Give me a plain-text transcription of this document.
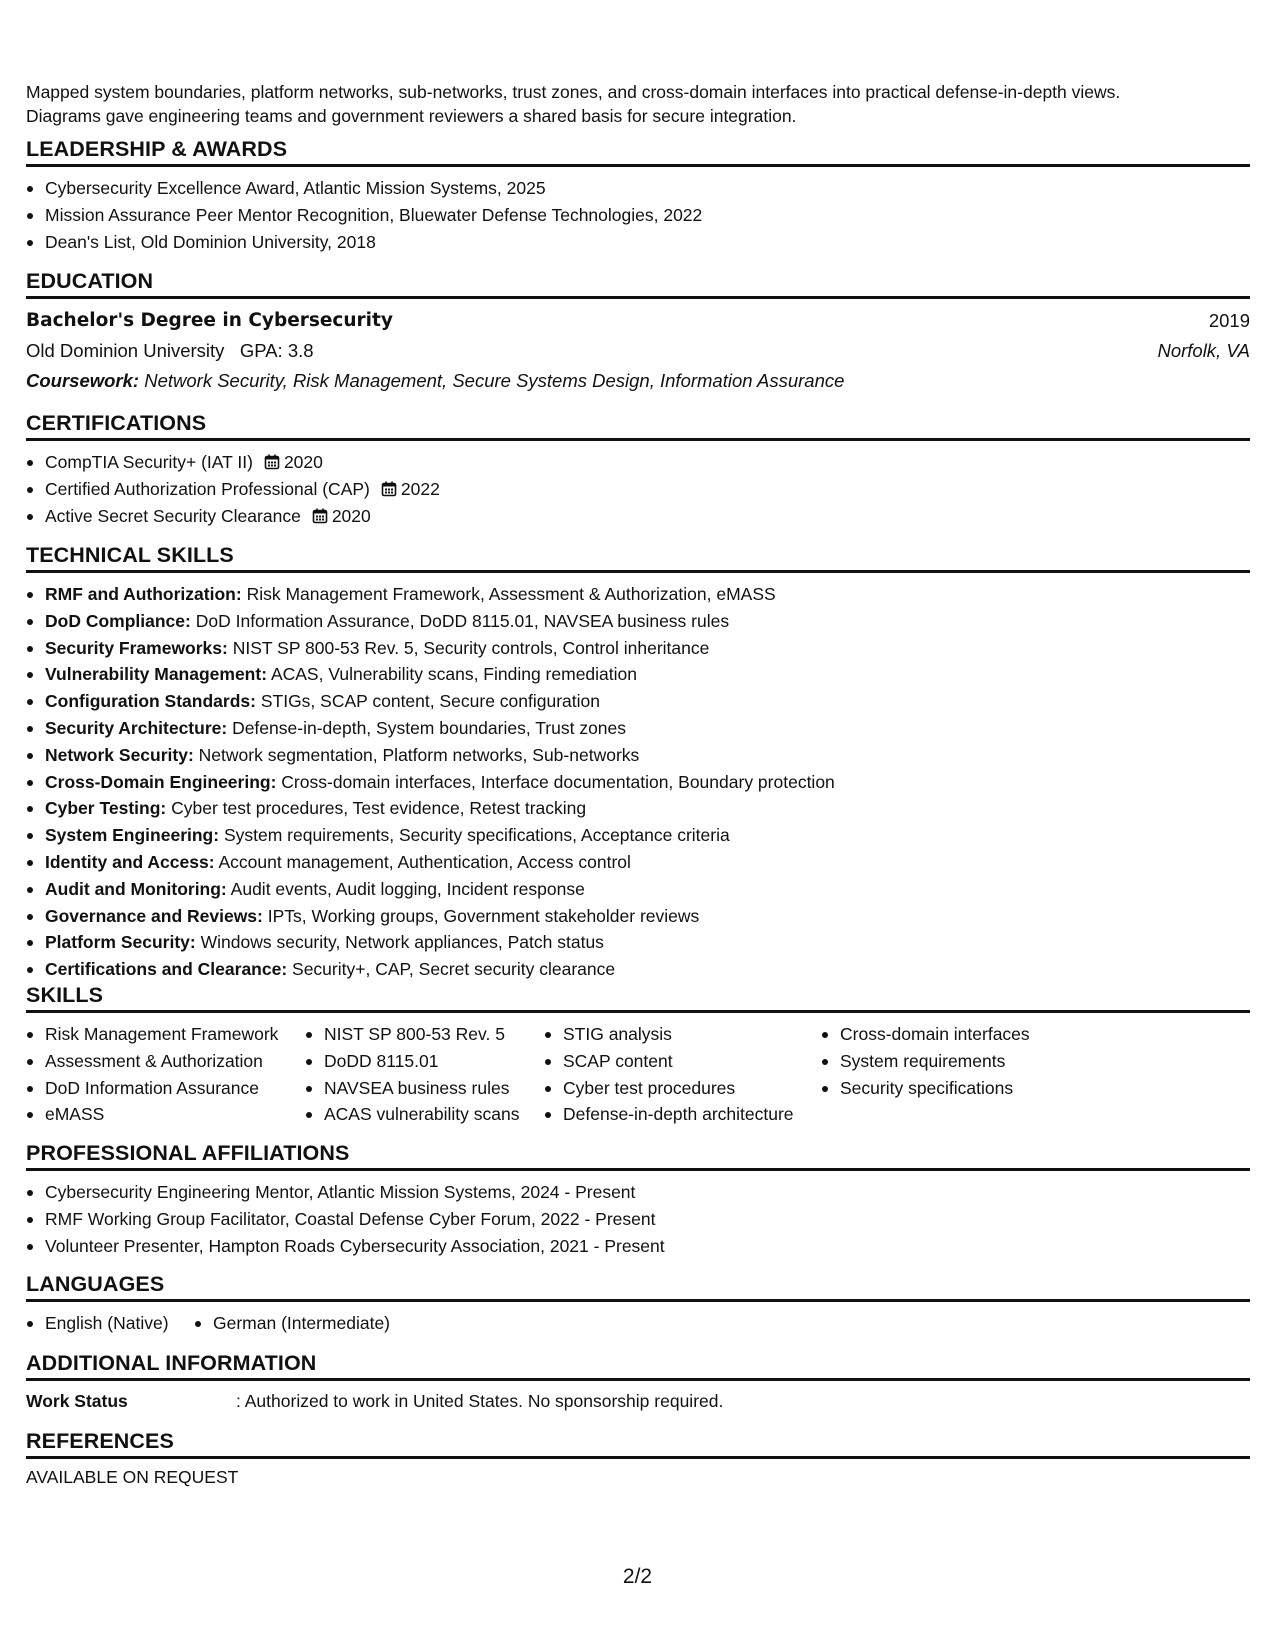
Mapped system boundaries, platform networks, sub-networks, trust zones, and cross-domain interfaces into practical defense-in-depth views.
Diagrams gave engineering teams and government reviewers a shared basis for secure integration.
LEADERSHIP & AWARDS
Cybersecurity Excellence Award, Atlantic Mission Systems, 2025
Mission Assurance Peer Mentor Recognition, Bluewater Defense Technologies, 2022
Dean's List, Old Dominion University, 2018
EDUCATION
Bachelor's Degree in Cybersecurity	2019
Old Dominion University GPA: 3.8	Norfolk, VA
Coursework: Network Security, Risk Management, Secure Systems Design, Information Assurance
CERTIFICATIONS
CompTIA Security+ (IAT II) 2020
Certified Authorization Professional (CAP) 2022
Active Secret Security Clearance 2020
TECHNICAL SKILLS
RMF and Authorization: Risk Management Framework, Assessment & Authorization, eMASS
DoD Compliance: DoD Information Assurance, DoDD 8115.01, NAVSEA business rules
Security Frameworks: NIST SP 800-53 Rev. 5, Security controls, Control inheritance
Vulnerability Management: ACAS, Vulnerability scans, Finding remediation
Configuration Standards: STIGs, SCAP content, Secure configuration
Security Architecture: Defense-in-depth, System boundaries, Trust zones
Network Security: Network segmentation, Platform networks, Sub-networks
Cross-Domain Engineering: Cross-domain interfaces, Interface documentation, Boundary protection
Cyber Testing: Cyber test procedures, Test evidence, Retest tracking
System Engineering: System requirements, Security specifications, Acceptance criteria
Identity and Access: Account management, Authentication, Access control
Audit and Monitoring: Audit events, Audit logging, Incident response
Governance and Reviews: IPTs, Working groups, Government stakeholder reviews
Platform Security: Windows security, Network appliances, Patch status
Certifications and Clearance: Security+, CAP, Secret security clearance
SKILLS
Risk Management Framework
Assessment & Authorization
DoD Information Assurance
eMASS
NIST SP 800-53 Rev. 5
DoDD 8115.01
NAVSEA business rules
ACAS vulnerability scans
STIG analysis
SCAP content
Cyber test procedures
Defense-in-depth architecture
Cross-domain interfaces
System requirements
Security specifications
PROFESSIONAL AFFILIATIONS
Cybersecurity Engineering Mentor, Atlantic Mission Systems, 2024 - Present
RMF Working Group Facilitator, Coastal Defense Cyber Forum, 2022 - Present
Volunteer Presenter, Hampton Roads Cybersecurity Association, 2021 - Present
LANGUAGES
English (Native)	German (Intermediate)
ADDITIONAL INFORMATION
Work Status	: Authorized to work in United States. No sponsorship required.
REFERENCES
AVAILABLE ON REQUEST
2/2
